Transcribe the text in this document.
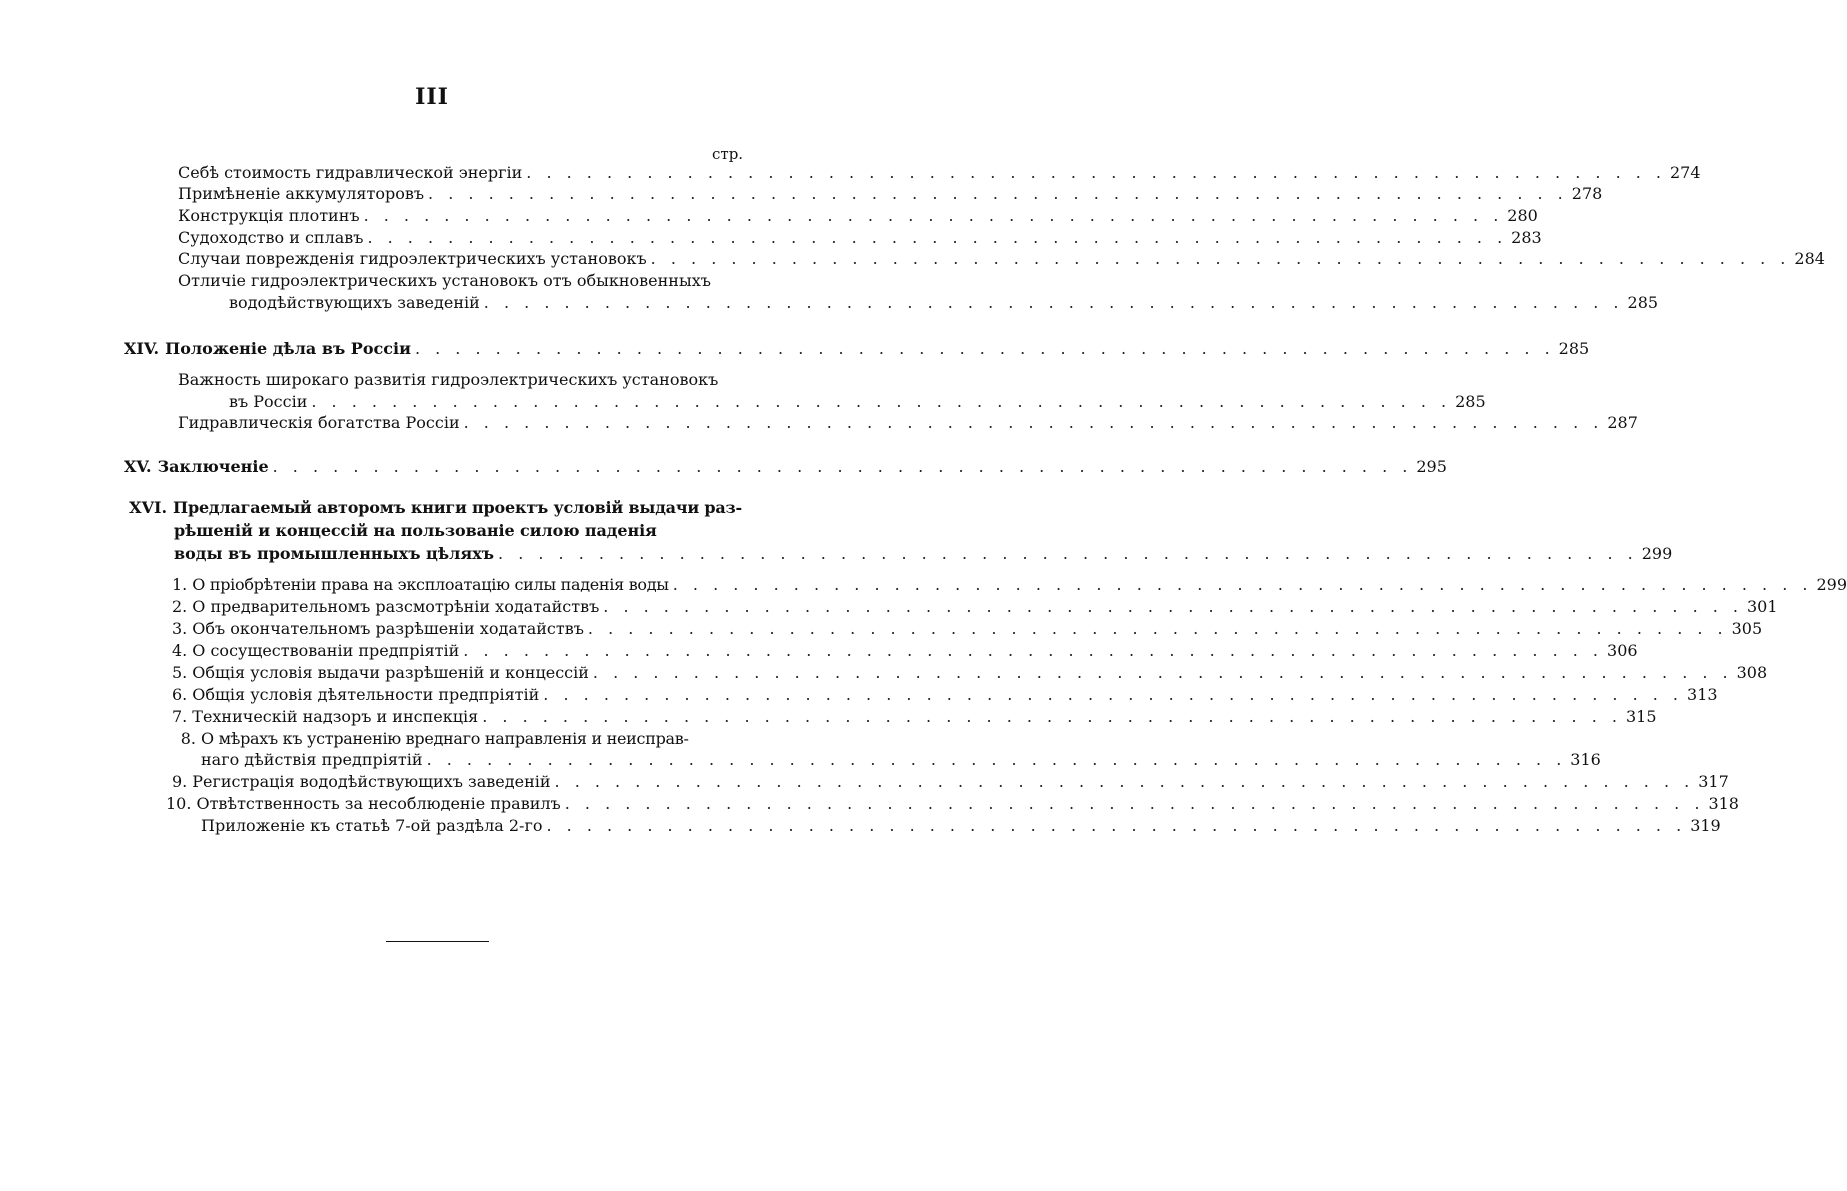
III
стр.
Себѣ стоимость гидравлической энергіи . . . . . . . . . . . . . . . . . . . . . . . . . . . . . . . . . . . . . . . . . . . . . . . . . . . . . . . . . 274
Примѣненіе аккумуляторовъ . . . . . . . . . . . . . . . . . . . . . . . . . . . . . . . . . . . . . . . . . . . . . . . . . . . . . . . . . 278
Конструкція плотинъ . . . . . . . . . . . . . . . . . . . . . . . . . . . . . . . . . . . . . . . . . . . . . . . . . . . . . . . . . 280
Судоходство и сплавъ . . . . . . . . . . . . . . . . . . . . . . . . . . . . . . . . . . . . . . . . . . . . . . . . . . . . . . . . . 283
Случаи поврежденія гидроэлектрическихъ установокъ . . . . . . . . . . . . . . . . . . . . . . . . . . . . . . . . . . . . . . . . . . . . . . . . . . . . . . . . . 284
Отличіе гидроэлектрическихъ установокъ отъ обыкновенныхъ
вододѣйствующихъ заведеній . . . . . . . . . . . . . . . . . . . . . . . . . . . . . . . . . . . . . . . . . . . . . . . . . . . . . . . . . 285
XIV. Положеніе дѣла въ Россіи . . . . . . . . . . . . . . . . . . . . . . . . . . . . . . . . . . . . . . . . . . . . . . . . . . . . . . . . . 285
Важность широкаго развитія гидроэлектрическихъ установокъ
въ Россіи . . . . . . . . . . . . . . . . . . . . . . . . . . . . . . . . . . . . . . . . . . . . . . . . . . . . . . . . . 285
Гидравлическія богатства Россіи . . . . . . . . . . . . . . . . . . . . . . . . . . . . . . . . . . . . . . . . . . . . . . . . . . . . . . . . . 287
XV. Заключеніе . . . . . . . . . . . . . . . . . . . . . . . . . . . . . . . . . . . . . . . . . . . . . . . . . . . . . . . . . 295
XVI. Предлагаемый авторомъ книги проектъ условій выдачи раз-
рѣшеній и концессій на пользованіе силою паденія
воды въ промышленныхъ цѣляхъ . . . . . . . . . . . . . . . . . . . . . . . . . . . . . . . . . . . . . . . . . . . . . . . . . . . . . . . . . 299
1. О пріобрѣтеніи права на эксплоатацію силы паденія воды . . . . . . . . . . . . . . . . . . . . . . . . . . . . . . . . . . . . . . . . . . . . . . . . . . . . . . . . . 299
2. О предварительномъ разсмотрѣніи ходатайствъ . . . . . . . . . . . . . . . . . . . . . . . . . . . . . . . . . . . . . . . . . . . . . . . . . . . . . . . . . 301
3. Объ окончательномъ разрѣшеніи ходатайствъ . . . . . . . . . . . . . . . . . . . . . . . . . . . . . . . . . . . . . . . . . . . . . . . . . . . . . . . . . 305
4. О сосуществованіи предпріятій . . . . . . . . . . . . . . . . . . . . . . . . . . . . . . . . . . . . . . . . . . . . . . . . . . . . . . . . . 306
5. Общія условія выдачи разрѣшеній и концессій . . . . . . . . . . . . . . . . . . . . . . . . . . . . . . . . . . . . . . . . . . . . . . . . . . . . . . . . . 308
6. Общія условія дѣятельности предпріятій . . . . . . . . . . . . . . . . . . . . . . . . . . . . . . . . . . . . . . . . . . . . . . . . . . . . . . . . . 313
7. Техническій надзоръ и инспекція . . . . . . . . . . . . . . . . . . . . . . . . . . . . . . . . . . . . . . . . . . . . . . . . . . . . . . . . . 315
8. О мѣрахъ къ устраненію вреднаго направленія и неисправ-
наго дѣйствія предпріятій . . . . . . . . . . . . . . . . . . . . . . . . . . . . . . . . . . . . . . . . . . . . . . . . . . . . . . . . . 316
9. Регистрація вододѣйствующихъ заведеній . . . . . . . . . . . . . . . . . . . . . . . . . . . . . . . . . . . . . . . . . . . . . . . . . . . . . . . . . 317
10. Отвѣтственность за несоблюденіе правилъ . . . . . . . . . . . . . . . . . . . . . . . . . . . . . . . . . . . . . . . . . . . . . . . . . . . . . . . . . 318
Приложеніе къ статьѣ 7-ой раздѣла 2-го . . . . . . . . . . . . . . . . . . . . . . . . . . . . . . . . . . . . . . . . . . . . . . . . . . . . . . . . . 319
